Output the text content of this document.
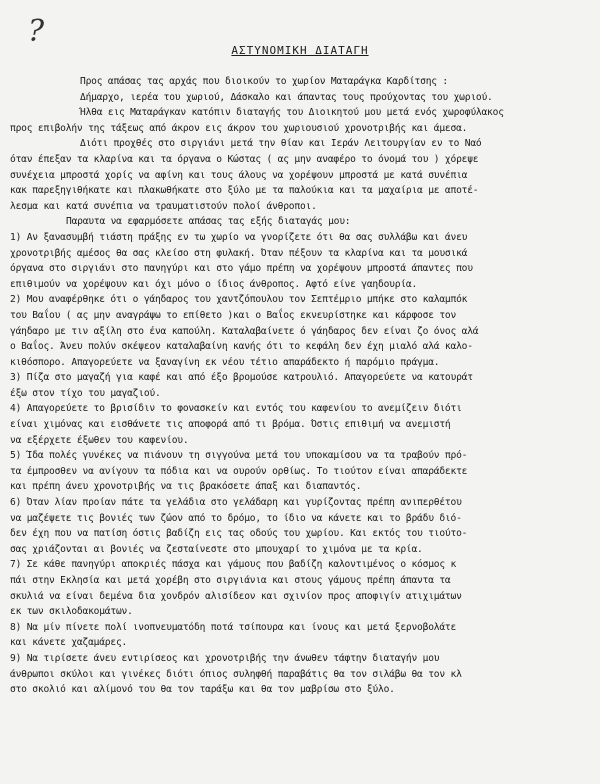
?
ΑΣΤΥΝΟΜΙΚΗ ΔΙΑΤΑΓΗ
Προς απάσας τας αρχάς που διοικούν το χωρίον Ματαράγκα Καρδίτσης :
Δήμαρχο, ιερέα του χωριού, Δάσκαλο και άπαντας τους προύχοντας του χωριού.
Ήλθα εις Ματαράγκαν κατόπιν διαταγής του Διοικητού μου μετά ενός χωροφύλακος
προς επιβολήν της τάξεως από άκρον εις άκρον του χωριουσιού χρονοτριβής και άμεσα.
Διότι προχθές στο σιργιάνι μετά την θίαν και Ιεράν Λειτουργίαν εν το Ναό
όταν έπεξαν τα κλαρίνα και τα όργανα ο Κώστας ( ας μην αναφέρο το όνομά του ) χόρεψε
συνέχεια μπροστά χορίς να αφίνη και τους άλους να χορέψουν μπροστά με κατά συνέπια
κακ παρεξηγιθήκατε και πλακωθήκατε στο ξύλο με τα παλούκια και τα μαχαίρια με αποτέ-
λεσμα και κατά συνέπια να τραυματιστούν πολοί άνθροποι.
Παραυτα να εφαρμόσετε απάσας τας εξής διαταγάς μου:
1) Αν ξανασυμβή τιάστη πράξης εν τω χωρίο να γνορίζετε ότι θα σας συλλάβω και άνευ
χρονοτριβής αμέσος θα σας κλείσο στη φυλακή. Όταν πέξουν τα κλαρίνα και τα μουσικά
όργανα στο σιργιάνι στο πανηγύρι και στο γάμο πρέπη να χορέψουν μπροστά άπαντες που
επιθιμούν να χορέψουν και όχι μόνο ο ίδιος άνθροπος. Αφτό είνε γαηδουρία.
2) Μου αναφέρθηκε ότι ο γάηδαρος του χαντζόπουλου τον Σεπτέμριο μπήκε στο καλαμπόκ
του Βαΐου ( ας μην αναγράψω το επίθετο )και ο Βαΐος εκνευρίστηκε και κάρφοσε τον
γάηδαρο με τιν αξίλη στο ένα καπούλη. Καταλαβαίνετε ό γάηδαρος δεν είναι ζο όνος αλά
ο Βαΐος. Άνευ πολύν σκέψεον καταλαβαίνη κανής ότι το κεφάλη δεν έχη μιαλό αλά καλο-
κιθόσπορο. Απαγορεύετε να ξαναγίνη εκ νέου τέτιο απαράδεκτο ή παρόμιο πράγμα.
3) Πίζα στο μαγαζή για καφέ και από έξο βρομούσε κατρουλιό. Απαγορεύετε να κατουράτ
έξω στον τίχο του μαγαζιού.
4) Απαγορεύετε το βρισίδιν το φονασκείν και εντός του καφενίου το ανεμίζειν διότι
είναι χιμόνας και εισθάνετε τις αποφορά από τι βρόμα. Όστις επιθιμή να ανεμιστή
να εξέρχετε έξωθεν του καφενίου.
5) Ίδα πολές γυνέκες να πιάνουν τη σιγγούνα μετά του υποκαμίσου να τα τραβούν πρό-
τα έμπροσθεν να ανίγουν τα πόδια και να ουρούν ορθίως. Το τιούτον είναι απαράδεκτε
και πρέπη άνευ χρονοτριβής να τις βρακόσετε άπαξ και διαπαντός.
6) Όταν λίαν προίαν πάτε τα γελάδια στο γελάδαρη και γυρίζοντας πρέπη ανιπερθέτου
να μαζέψετε τις βονιές των ζώον από το δρόμο, το ίδιο να κάνετε και το βράδυ διό-
δεν έχη που να πατίση όστις βαδίζη εις τας οδούς του χωρίου. Και εκτός του τιούτο-
σας χριάζονται αι βονιές να ζεσταίνεστε στο μπουχαρί το χιμόνα με τα κρία.
7) Σε κάθε πανηγύρι αποκριές πάσχα και γάμους που βαδίζη καλοντιμένος ο κόσμος κ
πάι στην Εκλησία και μετά χορέβη στο σιργιάνια και στους γάμους πρέπη άπαντα τα
σκυλιά να είναι δεμένα δια χονδρόν αλισίδεον και σχινίον προς αποφιγίν ατιχιμάτων
εκ των σκιλοδακομάτων.
8) Να μίν πίνετε πολί ινοπνευματόδη ποτά τσίπουρα και ίνους και μετά ξερνοβολάτε
και κάνετε χαζαμάρες.
9) Να τιρίσετε άνευ εντιρίσεος και χρονοτριβής την άνωθεν τάφτην διαταγήν μου
άνθρωποι σκύλοι και γινέκες διότι όπιος συληφθή παραβάτις θα τον σιλάβω θα τον κλ
στο σκολιό και αλίμονό του θα τον ταράξω και θα τον μαβρίσω στο ξύλο.
